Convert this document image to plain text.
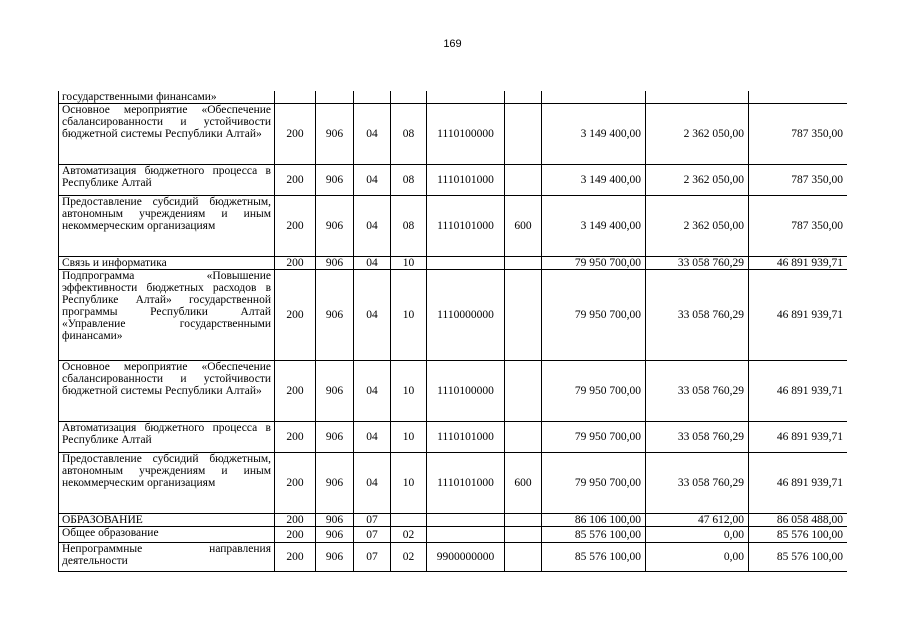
169
государственными финансами»									
Основное мероприятие «Обеспечение сбалансированности и устойчивости бюджетной системы Республики Алтай»	200	906	04	08	1110100000		3 149 400,00	2 362 050,00	787 350,00
Автоматизация бюджетного процесса в Республике Алтай	200	906	04	08	1110101000		3 149 400,00	2 362 050,00	787 350,00
Предоставление субсидий бюджетным, автономным учреждениям и иным некоммерческим организациям	200	906	04	08	1110101000	600	3 149 400,00	2 362 050,00	787 350,00
Связь и информатика	200	906	04	10			79 950 700,00	33 058 760,29	46 891 939,71
Подпрограмма «Повышение эффективности бюджетных расходов в Республике Алтай» государственной программы Республики Алтай «Управление государственными финансами»	200	906	04	10	1110000000		79 950 700,00	33 058 760,29	46 891 939,71
Основное мероприятие «Обеспечение сбалансированности и устойчивости бюджетной системы Республики Алтай»	200	906	04	10	1110100000		79 950 700,00	33 058 760,29	46 891 939,71
Автоматизация бюджетного процесса в Республике Алтай	200	906	04	10	1110101000		79 950 700,00	33 058 760,29	46 891 939,71
Предоставление субсидий бюджетным, автономным учреждениям и иным некоммерческим организациям	200	906	04	10	1110101000	600	79 950 700,00	33 058 760,29	46 891 939,71
ОБРАЗОВАНИЕ	200	906	07				86 106 100,00	47 612,00	86 058 488,00
Общее образование	200	906	07	02			85 576 100,00	0,00	85 576 100,00
Непрограммные направления деятельности	200	906	07	02	9900000000		85 576 100,00	0,00	85 576 100,00
